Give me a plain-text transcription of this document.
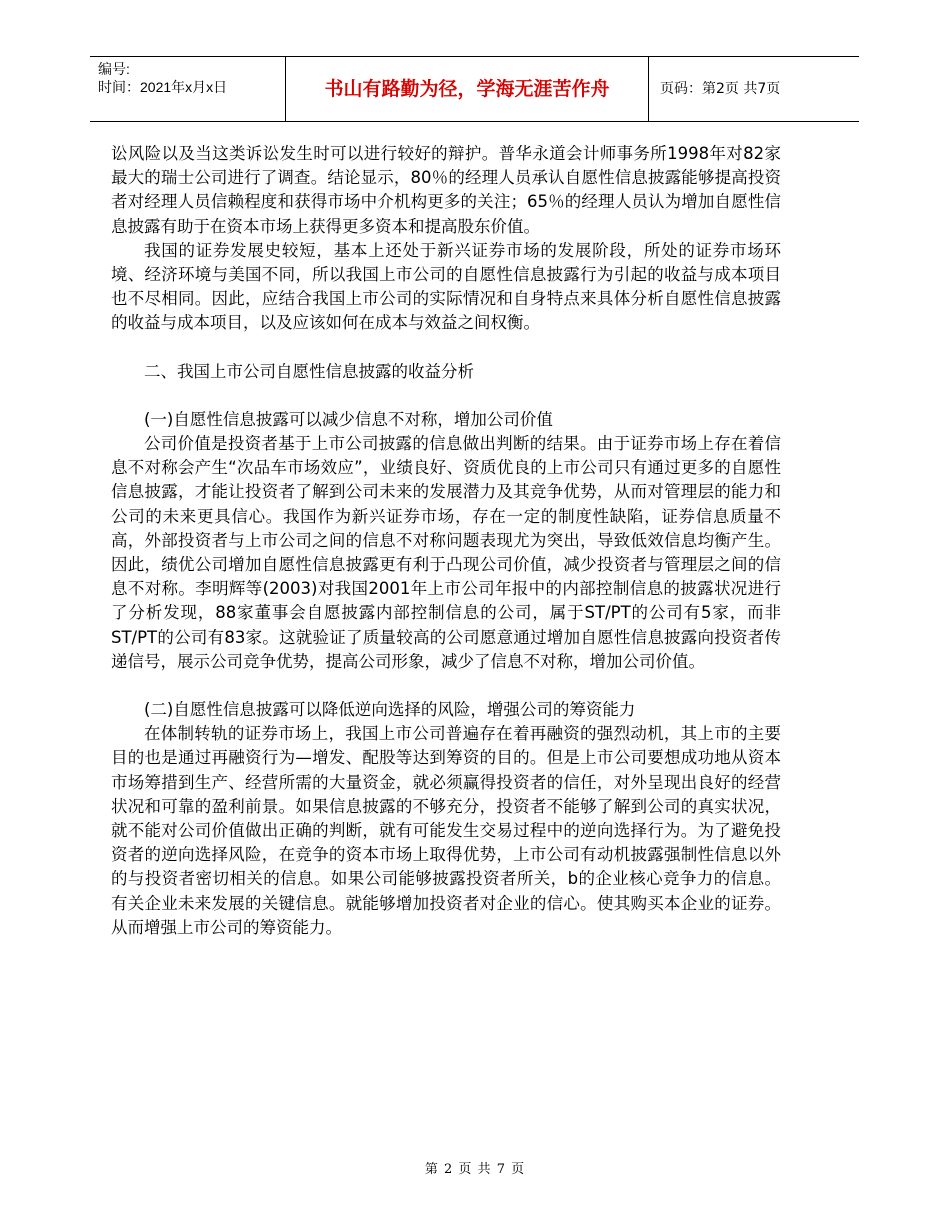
编号:
时间：2021年x月x日	书山有路勤为径，学海无涯苦作舟	页码：第2页 共7页

讼风险以及当这类诉讼发生时可以进行较好的辩护。普华永道会计师事务所1998年对82家最大的瑞士公司进行了调查。结论显示，80％的经理人员承认自愿性信息披露能够提高投资者对经理人员信赖程度和获得市场中介机构更多的关注；65％的经理人员认为增加自愿性信息披露有助于在资本市场上获得更多资本和提高股东价值。

我国的证券发展史较短，基本上还处于新兴证券市场的发展阶段，所处的证券市场环境、经济环境与美国不同，所以我国上市公司的自愿性信息披露行为引起的收益与成本项目也不尽相同。因此，应结合我国上市公司的实际情况和自身特点来具体分析自愿性信息披露的收益与成本项目，以及应该如何在成本与效益之间权衡。

二、我国上市公司自愿性信息披露的收益分析

(一)自愿性信息披露可以减少信息不对称，增加公司价值

公司价值是投资者基于上市公司披露的信息做出判断的结果。由于证券市场上存在着信息不对称会产生“次品车市场效应”，业绩良好、资质优良的上市公司只有通过更多的自愿性信息披露，才能让投资者了解到公司未来的发展潜力及其竞争优势，从而对管理层的能力和公司的未来更具信心。我国作为新兴证券市场，存在一定的制度性缺陷，证券信息质量不高，外部投资者与上市公司之间的信息不对称问题表现尤为突出，导致低效信息均衡产生。因此，绩优公司增加自愿性信息披露更有利于凸现公司价值，减少投资者与管理层之间的信息不对称。李明辉等(2003)对我国2001年上市公司年报中的内部控制信息的披露状况进行了分析发现，88家董事会自愿披露内部控制信息的公司，属于ST/PT的公司有5家，而非ST/PT的公司有83家。这就验证了质量较高的公司愿意通过增加自愿性信息披露向投资者传递信号，展示公司竞争优势，提高公司形象，减少了信息不对称，增加公司价值。

(二)自愿性信息披露可以降低逆向选择的风险，增强公司的筹资能力

在体制转轨的证券市场上，我国上市公司普遍存在着再融资的强烈动机，其上市的主要目的也是通过再融资行为—增发、配股等达到筹资的目的。但是上市公司要想成功地从资本市场筹措到生产、经营所需的大量资金，就必须赢得投资者的信任，对外呈现出良好的经营状况和可靠的盈利前景。如果信息披露的不够充分，投资者不能够了解到公司的真实状况，就不能对公司价值做出正确的判断，就有可能发生交易过程中的逆向选择行为。为了避免投资者的逆向选择风险，在竞争的资本市场上取得优势，上市公司有动机披露强制性信息以外的与投资者密切相关的信息。如果公司能够披露投资者所关，b的企业核心竞争力的信息。有关企业未来发展的关键信息。就能够增加投资者对企业的信心。使其购买本企业的证券。从而增强上市公司的筹资能力。

第 2 页 共 7 页
